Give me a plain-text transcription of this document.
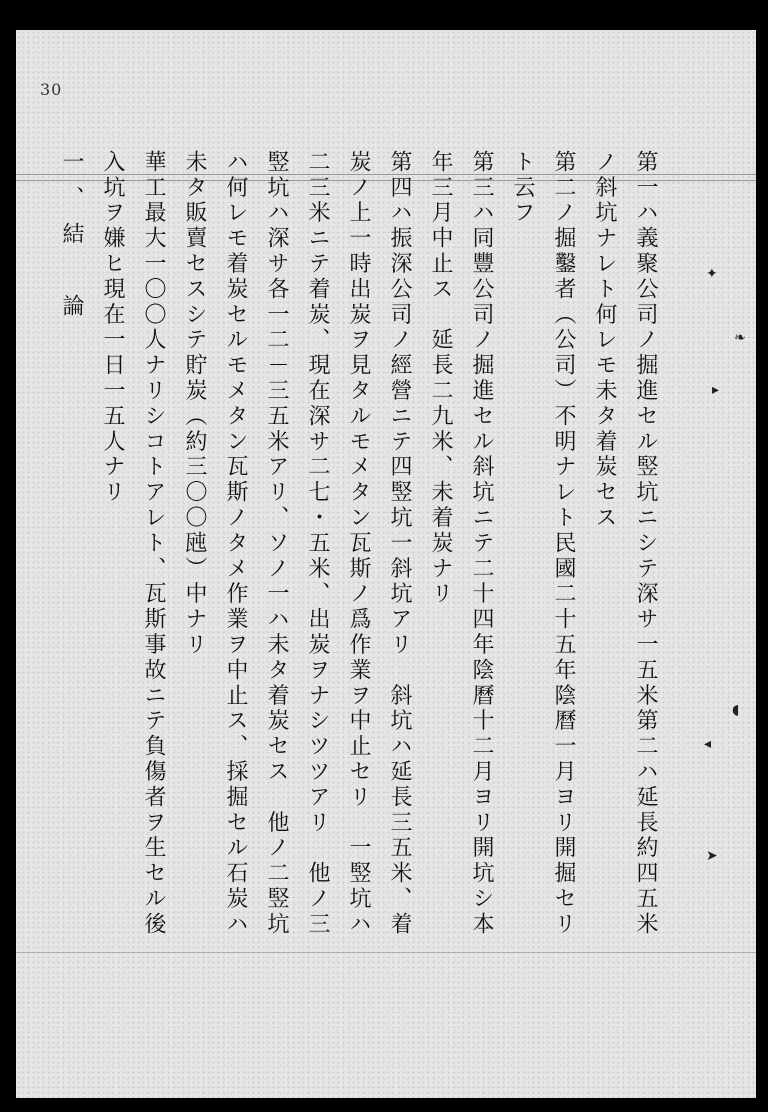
30
第一ハ義聚公司ノ掘進セル竪坑ニシテ深サ一五米第二ハ延長約四五米
ノ斜坑ナレト何レモ未タ着炭セス
第二ノ掘鑿者（公司）不明ナレト民國二十五年陰曆一月ヨリ開掘セリ
ト云フ
第三ハ同豐公司ノ掘進セル斜坑ニテ二十四年陰曆十二月ヨリ開坑シ本
年三月中止ス　延長二九米、未着炭ナリ
第四ハ振深公司ノ經營ニテ四竪坑一斜坑アリ　斜坑ハ延長三五米、着
炭ノ上一時出炭ヲ見タルモメタン瓦斯ノ爲作業ヲ中止セリ　一竪坑ハ
二三米ニテ着炭、現在深サ二七・五米、出炭ヲナシツツアリ　他ノ三
竪坑ハ深サ各一二－三五米アリ、ソノ一ハ未タ着炭セス　他ノ二竪坑
ハ何レモ着炭セルモメタン瓦斯ノタメ作業ヲ中止ス、採掘セル石炭ハ
未タ販賣セスシテ貯炭（約三〇〇瓲）中ナリ
華工最大一〇〇人ナリシコトアレト、瓦斯事故ニテ負傷者ヲ生セル後
入坑ヲ嫌ヒ現在一日一五人ナリ
一、結　論	✦
❧
▸
◖
◂
➤
